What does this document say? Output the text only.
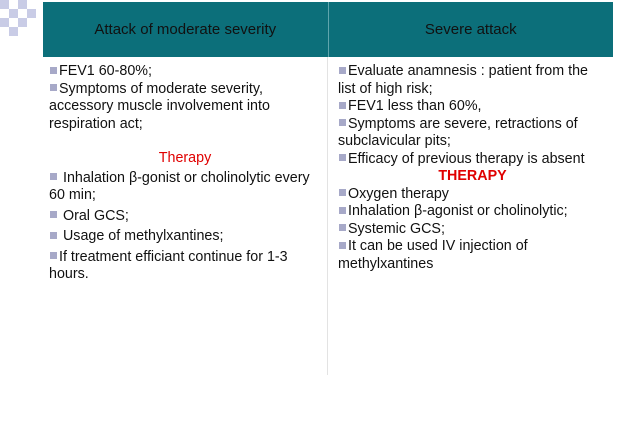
Attack of moderate severity	Severe attack
FEV1 60-80%;
Symptoms of moderate severity, accessory muscle involvement into respiration act;
Therapy
Inhalation β-gonist or cholinolytic every 60 min;
Oral GCS;
Usage of methylxantines;
If treatment efficiant continue for 1-3 hours.
Evaluate anamnesis : patient from the list of high risk;
FEV1 less than 60%,
Symptoms are severe, retractions of subclavicular pits;
Efficacy of previous therapy is absent
THERAPY
Oxygen therapy
Inhalation β-agonist or cholinolytic;
Systemic GCS;
It can be used IV injection of methylxantines
